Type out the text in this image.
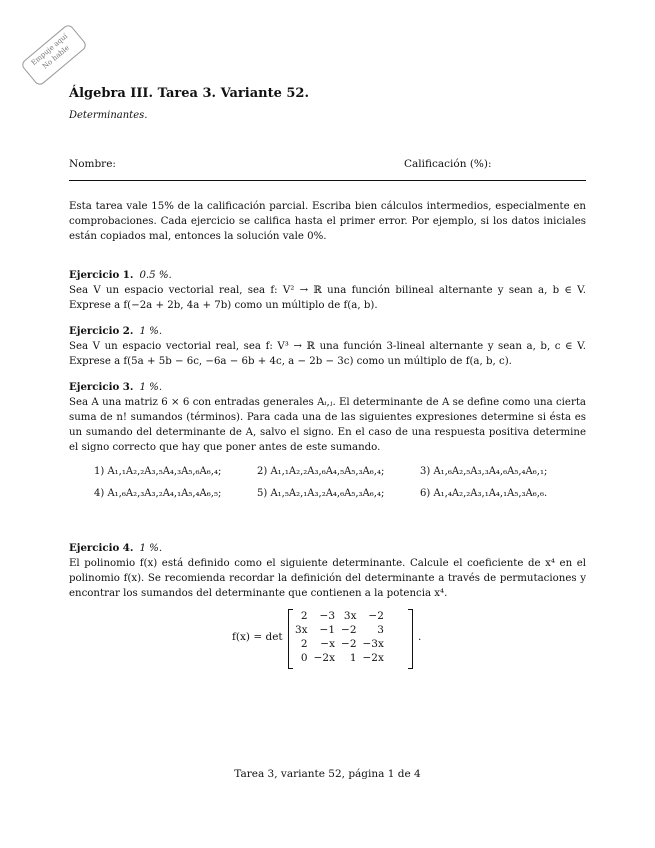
Empuje aquí
No hable
Álgebra III. Tarea 3. Variante 52.
Determinantes.
Nombre:	Calificación (%):
Esta tarea vale 15% de la calificación parcial. Escriba bien cálculos intermedios, especialmente en comprobaciones. Cada ejercicio se califica hasta el primer error. Por ejemplo, si los datos iniciales están copiados mal, entonces la solución vale 0%.
Ejercicio 1. 0.5 %.
Sea V un espacio vectorial real, sea f: V² → ℝ una función bilineal alternante y sean a, b ∈ V. Exprese a f(−2a + 2b, 4a + 7b) como un múltiplo de f(a, b).
Ejercicio 2. 1 %.
Sea V un espacio vectorial real, sea f: V³ → ℝ una función 3-lineal alternante y sean a, b, c ∈ V. Exprese a f(5a + 5b − 6c, −6a − 6b + 4c, a − 2b − 3c) como un múltiplo de f(a, b, c).
Ejercicio 3. 1 %.
Sea A una matriz 6 × 6 con entradas generales Aᵢ,ⱼ. El determinante de A se define como una cierta suma de n! sumandos (términos). Para cada una de las siguientes expresiones determine si ésta es un sumando del determinante de A, salvo el signo. En el caso de una respuesta positiva determine el signo correcto que hay que poner antes de este sumando.
1) A₁,₁A₂,₂A₃,₅A₄,₃A₅,₆A₆,₄;	2) A₁,₁A₂,₂A₃,₆A₄,₅A₅,₃A₆,₄;	3) A₁,₆A₂,₅A₃,₃A₄,₆A₅,₄A₆,₁;
4) A₁,₆A₂,₃A₃,₂A₄,₁A₅,₄A₆,₅;	5) A₁,₅A₂,₁A₃,₂A₄,₆A₅,₃A₆,₄;	6) A₁,₄A₂,₂A₃,₁A₄,₁A₅,₃A₆,₆.
Ejercicio 4. 1 %.
El polinomio f(x) está definido como el siguiente determinante. Calcule el coeficiente de x⁴ en el polinomio f(x). Se recomienda recordar la definición del determinante a través de permutaciones y encontrar los sumandos del determinante que contienen a la potencia x⁴.
f(x) = det
2	−3	3x	−2
3x	−1	−2	3
2	−x	−2	−3x
0	−2x	1	−2x
.
Tarea 3, variante 52, página 1 de 4
